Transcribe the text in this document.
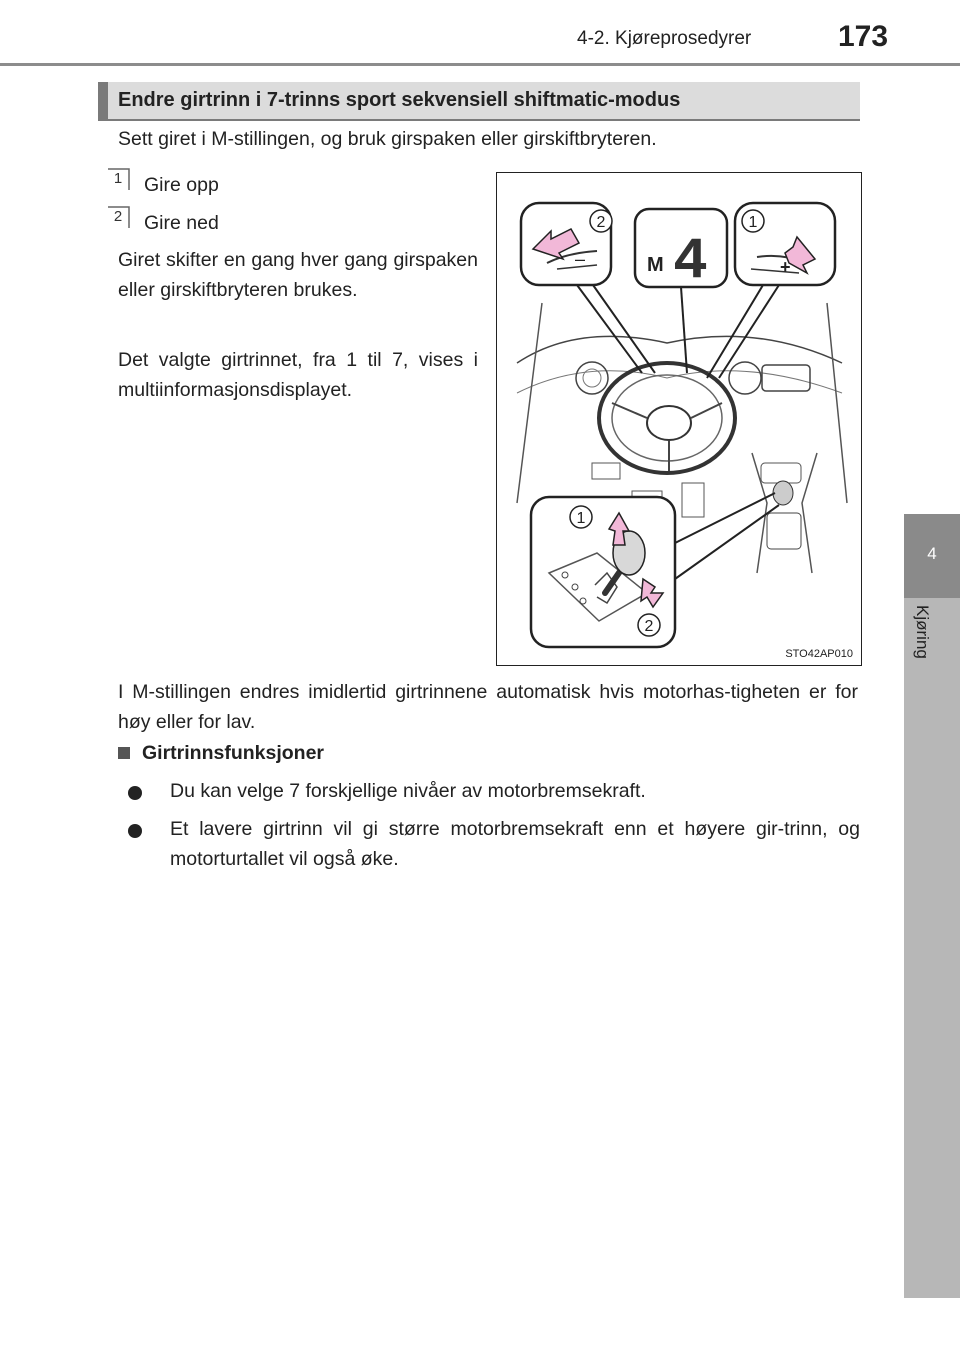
4-2. Kjøreprosedyrer	173
4
Kjøring
Endre girtrinn i 7-trinns sport sekvensiell shiftmatic-modus
Sett giret i M-stillingen, og bruk girspaken eller girskiftbryteren.
1	Gire opp
2	Gire ned
Giret skifter en gang hver gang girspaken eller girskiftbryteren brukes.
Det valgte girtrinnet, fra 1 til 7, vises i multiinformasjonsdisplayet.
–	+
M 4
2	1
1
2
STO42AP010
I M-stillingen endres imidlertid girtrinnene automatisk hvis motorhas-tigheten er for høy eller for lav.
Girtrinnsfunksjoner
Du kan velge 7 forskjellige nivåer av motorbremsekraft.
Et lavere girtrinn vil gi større motorbremsekraft enn et høyere gir-trinn, og motorturtallet vil også øke.
